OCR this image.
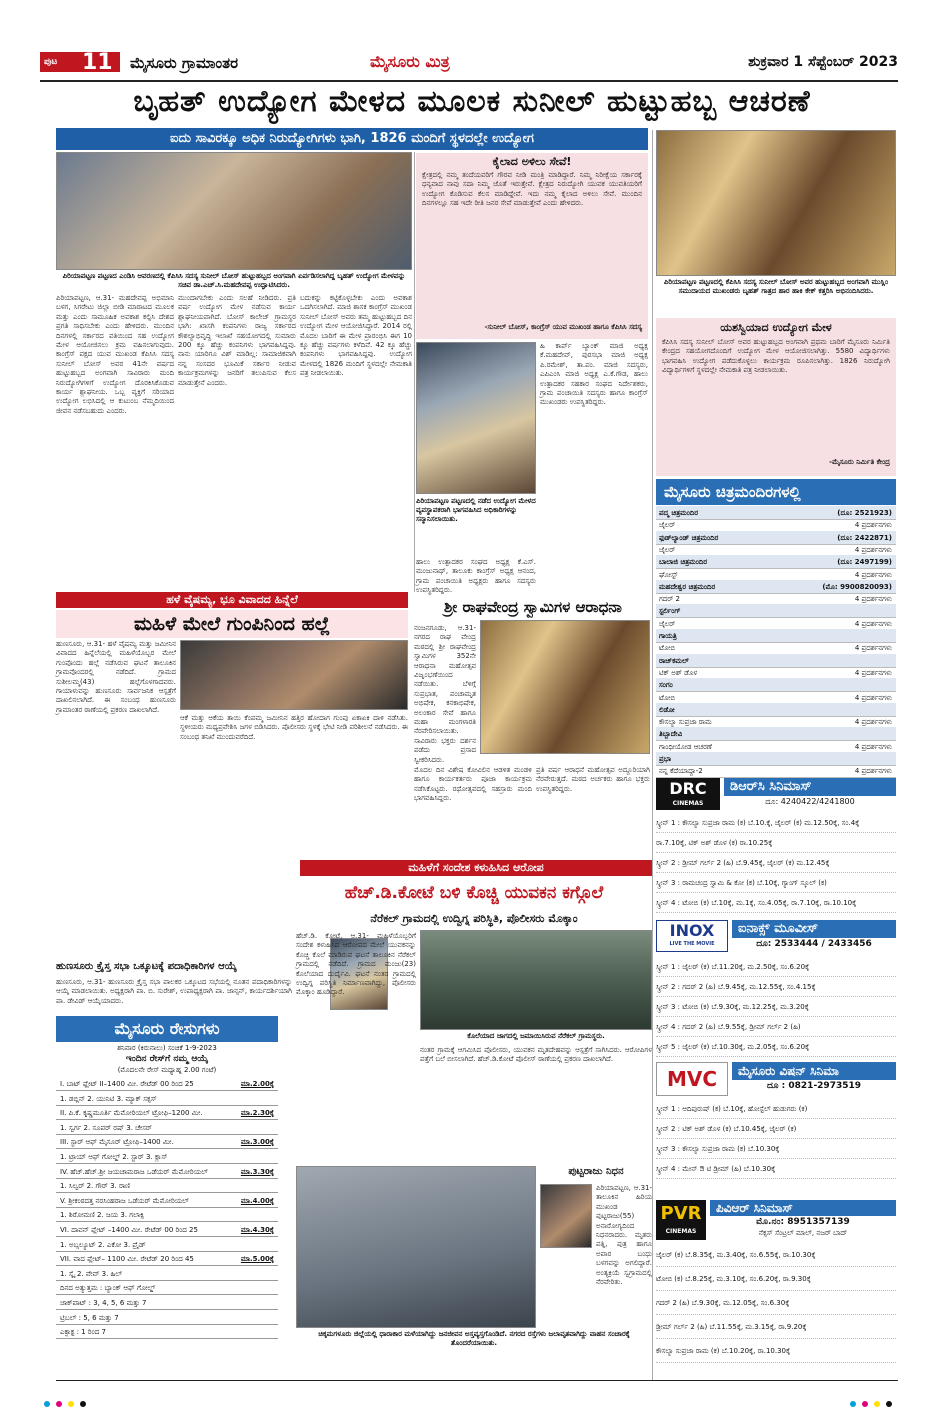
ಪುಟ 11 ಮೈಸೂರು ಗ್ರಾಮಾಂತರ	ಮೈಸೂರು ಮಿತ್ರ	ಶುಕ್ರವಾರ 1 ಸೆಪ್ಟೆಂಬರ್ 2023
ಬೃಹತ್ ಉದ್ಯೋಗ ಮೇಳದ ಮೂಲಕ ಸುನೀಲ್ ಹುಟ್ಟುಹಬ್ಬ ಆಚರಣೆ
ಐದು ಸಾವಿರಕ್ಕೂ ಅಧಿಕ ನಿರುದ್ಯೋಗಿಗಳು ಭಾಗಿ, 1826 ಮಂದಿಗೆ ಸ್ಥಳದಲ್ಲೇ ಉದ್ಯೋಗ
ಪಿರಿಯಾಪಟ್ಟಣ ಪಟ್ಟಣದ ಎಂಡಿಸಿ ಆವರಣದಲ್ಲಿ ಕೆಪಿಸಿಸಿ ಸದಸ್ಯ ಸುನೀಲ್ ಬೋಸ್ ಹುಟ್ಟುಹಬ್ಬದ ಅಂಗವಾಗಿ ಏರ್ಪಡಿಸಲಾಗಿದ್ದ ಬೃಹತ್ ಉದ್ಯೋಗ ಮೇಳವನ್ನು ಸಚಿವ ಡಾ.ಎಚ್.ಸಿ.ಮಹದೇವಪ್ಪ ಉದ್ಘಾಟಿಸಿದರು.
ಪಿರಿಯಾಪಟ್ಟಣ, ಆ.31- ಮಹದೇವಪ್ಪ ಅಭಿಮಾನಿ ಬಳಗ, ಸಿಗರೇಟು ಜಿಲ್ಲಾ ಬೀಡಿ ಮಾರಾಟದ ಮೂಲಕ ಮತ್ತು ಎಂದು ಸಾಮೂಹಿಕ ಅವಕಾಶ ಕಲ್ಪಿಸಿ ದೇಶದ ಪ್ರಗತಿ ಸಾಧಿಸಬೇಕು ಎಂದು ಹೇಳಿದರು. ಮುಂದಿನ ದಿನಗಳಲ್ಲಿ ಸರ್ಕಾರದ ವತಿಯಿಂದ ಸಹ ಉದ್ಯೋಗ ಮೇಳ ಆಯೋಜಿಸಲು ಕ್ರಮ ವಹಿಸಲಾಗುವುದು. ಕಾಂಗ್ರೆಸ್ ಪಕ್ಷದ ಯುವ ಮುಖಂಡ ಕೆಪಿಸಿಸಿ ಸದಸ್ಯ ಸುನೀಲ್ ಬೋಸ್ ಅವರ 41ನೇ ವರ್ಷದ ಹುಟ್ಟುಹಬ್ಬದ ಅಂಗವಾಗಿ ಸಾವಿರಾರು ಮಂದಿ ನಿರುದ್ಯೋಗಿಗಳಿಗೆ ಉದ್ಯೋಗ ದೊರಕಿಸಿಕೊಡುವ ಕಾರ್ಯ ಶ್ಲಾಘನೀಯ. ಒಬ್ಬ ವ್ಯಕ್ತಿಗೆ ಸರಿಯಾದ ಉದ್ಯೋಗ ಲಭಿಸಿದಲ್ಲಿ ಆ ಕುಟುಂಬ ನೆಮ್ಮದಿಯಿಂದ ಜೀವನ ನಡೆಸಬಹುದು ಎಂದರು.
ಮುಂದಾಗಬೇಕು ಎಂದು ಸಲಹೆ ನೀಡಿದರು. ಪ್ರತಿ ವರ್ಷ ಉದ್ಯೋಗ ಮೇಳ ನಡೆಸುವ ಕಾರ್ಯ ಶ್ಲಾಘನೀಯವಾಗಿದೆ. ಬೋಸ್ ಕಾಲೇಜ್ ಗ್ರಾಮಸ್ಥರ ಭಾಗಿ: ಖಾಸಗಿ ಕಂಪನಿಗಳು ರಾಜ್ಯ ಸರ್ಕಾರದ ಕೌಶಲ್ಯಾಭಿವೃದ್ಧಿ ಇಲಾಖೆ ಸಹಯೋಗದಲ್ಲಿ ಸುಮಾರು 200 ಕ್ಕೂ ಹೆಚ್ಚು ಕಂಪನಿಗಳು ಭಾಗವಹಿಸಿದ್ದವು. ನಾನು ಯಾರಿಗೂ ವಿಶ್ ಮಾಡಿಲ್ಲ: ಸಾಮಾಜಿಕವಾಗಿ ನನ್ನ ಸಂಸದರ ಭೂಮಿಕೆ ಸರ್ಕಾರ ನೀಡುವ ಕಾರ್ಯಕ್ರಮಗಳನ್ನು ಜನರಿಗೆ ತಲುಪಿಸುವ ಕೆಲಸ ಮಾಡುತ್ತೇನೆ ಎಂದರು.
ಬದುಕನ್ನು ಕಟ್ಟಿಕೊಳ್ಳಬೇಕು ಎಂದು ಅವಕಾಶ ಒದಗಿಸಲಾಗಿದೆ. ಮಾಜಿ ಶಾಸಕ ಕಾಂಗ್ರೆಸ್ ಮುಖಂಡ ಸುನೀಲ್ ಬೋಸ್ ಅವರು ತಮ್ಮ ಹುಟ್ಟುಹಬ್ಬದ ದಿನ ಉದ್ಯೋಗ ಮೇಳ ಆಯೋಜಿಸಿದ್ದಾರೆ. 2014 ರಲ್ಲಿ ಮೊದಲ ಬಾರಿಗೆ ಈ ಮೇಳ ಪ್ರಾರಂಭಿಸಿ ಈಗ 10 ಕ್ಕೂ ಹೆಚ್ಚು ವರ್ಷಗಳು ಕಳೆದಿವೆ. 42 ಕ್ಕೂ ಹೆಚ್ಚು ಕಂಪನಿಗಳು ಭಾಗವಹಿಸಿದ್ದವು. ಉದ್ಯೋಗ ಮೇಳದಲ್ಲಿ 1826 ಮಂದಿಗೆ ಸ್ಥಳದಲ್ಲೇ ನೇಮಕಾತಿ ಪತ್ರ ನೀಡಲಾಯಿತು.
ಕೈಲಾದ ಅಳಿಲು ಸೇವೆ!
ಕ್ಷೇತ್ರದಲ್ಲಿ ನಮ್ಮ ತಂದೆಯವರಿಗೆ ಗೌರವ ನೀಡಿ ಮಂತ್ರಿ ಮಾಡಿದ್ದಾರೆ. ನಿಮ್ಮ ನಿರೀಕ್ಷೆಯ ಸರ್ಕಾರಕ್ಕೆ ಧನ್ಯವಾದ ನಾವು ಸದಾ ನಿಮ್ಮ ಜೊತೆ ಇರುತ್ತೇವೆ. ಕ್ಷೇತ್ರದ ನಿರುದ್ಯೋಗಿ ಯುವಕ ಯುವತಿಯರಿಗೆ ಉದ್ಯೋಗ ಕೊಡಿಸುವ ಕೆಲಸ ಮಾಡಿದ್ದೇವೆ. ಇದು ನಮ್ಮ ಕೈಲಾದ ಅಳಿಲು ಸೇವೆ. ಮುಂದಿನ ದಿನಗಳಲ್ಲೂ ಸಹ ಇದೇ ರೀತಿ ಜನರ ಸೇವೆ ಮಾಡುತ್ತೇವೆ ಎಂದು ಹೇಳಿದರು.
-ಸುನೀಲ್ ಬೋಸ್, ಕಾಂಗ್ರೆಸ್ ಯುವ ಮುಖಂಡ ಹಾಗೂ ಕೆಪಿಸಿಸಿ ಸದಸ್ಯ
ಪಿರಿಯಾಪಟ್ಟಣ ಪಟ್ಟಣದಲ್ಲಿ ನಡೆದ ಉದ್ಯೋಗ ಮೇಳದ ವ್ಯವಸ್ಥಾಪಕರಾಗಿ ಭಾಗವಹಿಸಿದ ಅಧಿಕಾರಿಗಳನ್ನು ಸನ್ಮಾನಿಸಲಾಯಿತು.
ಹಿ ಕಾರ್ಪ್ ಬ್ಯಾಂಕ್ ಮಾಜಿ ಅಧ್ಯಕ್ಷ ಕೆ.ಮಹದೇವ್, ಪುರಸಭಾ ಮಾಜಿ ಅಧ್ಯಕ್ಷ ಪಿ.ರಮೇಶ್, ತಾ.ಪಂ. ಮಾಜಿ ಸದಸ್ಯರು, ಎಪಿಎಂಸಿ ಮಾಜಿ ಅಧ್ಯಕ್ಷ ಎ.ಕೆ.ಗೌಡ, ಹಾಲು ಉತ್ಪಾದಕರ ಸಹಕಾರ ಸಂಘದ ನಿರ್ದೇಶಕರು, ಗ್ರಾಮ ಪಂಚಾಯಿತಿ ಸದಸ್ಯರು ಹಾಗೂ ಕಾಂಗ್ರೆಸ್ ಮುಖಂಡರು ಉಪಸ್ಥಿತರಿದ್ದರು.
ಹಾಲು ಉತ್ಪಾದಕರ ಸಂಘದ ಅಧ್ಯಕ್ಷ ಕೆ.ಎಸ್. ಮಂಜುನಾಥ್, ತಾಲೂಕು ಕಾಂಗ್ರೆಸ್ ಅಧ್ಯಕ್ಷ ಆನಂದ, ಗ್ರಾಮ ಪಂಚಾಯಿತಿ ಅಧ್ಯಕ್ಷರು ಹಾಗೂ ಸದಸ್ಯರು ಉಪಸ್ಥಿತರಿದ್ದರು.
ಪಿರಿಯಾಪಟ್ಟಣ ಪಟ್ಟಣದಲ್ಲಿ ಕೆಪಿಸಿಸಿ ಸದಸ್ಯ ಸುನೀಲ್ ಬೋಸ್ ಅವರ ಹುಟ್ಟುಹಬ್ಬದ ಅಂಗವಾಗಿ ಮುಸ್ಲಿಂ ಸಮುದಾಯದ ಮುಖಂಡರು ಬೃಹತ್ ಗಾತ್ರದ ಹಾರ ಹಾಕಿ ಕೇಕ್ ಕತ್ತರಿಸಿ ಅಭಿನಂದಿಸಿದರು.
ಯಶಸ್ವಿಯಾದ ಉದ್ಯೋಗ ಮೇಳ
ಕೆಪಿಸಿಸಿ ಸದಸ್ಯ ಸುನೀಲ್ ಬೋಸ್ ಅವರ ಹುಟ್ಟುಹಬ್ಬದ ಅಂಗವಾಗಿ ಪ್ರಥಮ ಬಾರಿಗೆ ಮೈಸೂರು ನಿರ್ಮಿತಿ ಕೇಂದ್ರದ ಸಹಯೋಗದೊಂದಿಗೆ ಉದ್ಯೋಗ ಮೇಳ ಆಯೋಜಿಸಲಾಗಿತ್ತು. 5580 ವಿದ್ಯಾರ್ಥಿಗಳು ಭಾಗವಹಿಸಿ ಉದ್ಯೋಗ ಪಡೆದುಕೊಳ್ಳಲು ಕಾರ್ಯಕ್ರಮ ರೂಪಿಸಲಾಗಿತ್ತು. 1826 ನಿರುದ್ಯೋಗಿ ವಿದ್ಯಾರ್ಥಿಗಳಿಗೆ ಸ್ಥಳದಲ್ಲೇ ನೇಮಕಾತಿ ಪತ್ರ ನೀಡಲಾಯಿತು.
-ಮೈಸೂರು ನಿರ್ಮಿತಿ ಕೇಂದ್ರ
ಮೈಸೂರು ಚಿತ್ರಮಂದಿರಗಳಲ್ಲಿ
ಪದ್ಮ ಚಿತ್ರಮಂದಿರ	(ದೂ: 2521923)
ಜೈಲರ್	4 ಪ್ರದರ್ಶನಗಳು
ಫುಡ್‌ಲ್ಯಾಂಡ್ ಚಿತ್ರಮಂದಿರ	(ದೂ: 2422871)
ಜೈಲರ್	4 ಪ್ರದರ್ಶನಗಳು
ಬಾಲಾಜಿ ಚಿತ್ರಮಂದಿರ	(ದೂ: 2497199)
ಘೋಸ್ಟ್	4 ಪ್ರದರ್ಶನಗಳು
ಮಹದೇಶ್ವರ ಚಿತ್ರಮಂದಿರ	(ಮೊ: 9900820093)
ಗದರ್ 2	4 ಪ್ರದರ್ಶನಗಳು
ಸ್ಟರ್ಲಿಂಗ್
ಜೈಲರ್	4 ಪ್ರದರ್ಶನಗಳು
ಗಾಯತ್ರಿ
ಟೋಬಿ	4 ಪ್ರದರ್ಶನಗಳು
ರಾಜ್‌ಕಮಲ್
ಟಿಕ್ ಅಶ್ ಡೊಳ	4 ಪ್ರದರ್ಶನಗಳು
ಸಂಗಂ
ಟೋಬಿ	4 ಪ್ರದರ್ಶನಗಳು
ಲಿಡೋ
ಕೌಸಲ್ಯಾ ಸುಪ್ರಜಾ ರಾಮ	4 ಪ್ರದರ್ಶನಗಳು
ತಿಬ್ಬಾದೇವಿ
ಗಾಂಧೀಯೋಡ ಆಚರಣೆ	4 ಪ್ರದರ್ಶನಗಳು
ಪ್ರಭಾ
ನನ್ನ ಕೆದೆಯಾದ್ದಾ-2	4 ಪ್ರದರ್ಶನಗಳು
DRC
CINEMAS
ಡಿಆರ್‌ಸಿ ಸಿನಿಮಾಸ್
ದೂ: 4240422/4241800
ಸ್ಕ್ರೀನ್ 1 : ಕೌಸಲ್ಯಾ ಸುಪ್ರಜಾ ರಾಮ (ಕ) ಬೆ.10.ಕ್ಕೆ, ಜೈಲರ್ (ಕ) ಮ.12.50ಕ್ಕೆ, ಸಂ.4ಕ್ಕೆ
ರಾ.7.10ಕ್ಕೆ, ಟಿಕ್ ಅಶ್ ಡೊಳ (ಕ) ರಾ.10.25ಕ್ಕೆ
ಸ್ಕ್ರೀನ್ 2 : ಡ್ರೀಮ್ ಗರ್ಲ್ 2 (ಹಿ) ಬೆ.9.45ಕ್ಕೆ, ಜೈಲರ್ (ಕ) ಮ.12.45ಕ್ಕೆ
ಸ್ಕ್ರೀನ್ 3 : ರಾಮಚಂದ್ರ ಸ್ವಾಮಿ & ಕೋ (ಕ) ಬೆ.10ಕ್ಕೆ, ಗ್ಯಾಂಗ್ ಸ್ಕೂಲ್ (ಕ)
ಸ್ಕ್ರೀನ್ 4 : ಟೋಬಿ (ಕ) ಬೆ.10ಕ್ಕೆ, ಮ.1ಕ್ಕೆ, ಸಂ.4.05ಕ್ಕೆ, ರಾ.7.10ಕ್ಕೆ, ರಾ.10.10ಕ್ಕೆ
INOX
LIVE THE MOVIE
ಐನಾಕ್ಸ್ ಮೂವೀಸ್
ದೂ: 2533444 / 2433456
ಸ್ಕ್ರೀನ್ 1 : ಜೈಲರ್ (ಕ) ಬೆ.11.20ಕ್ಕೆ, ಮ.2.50ಕ್ಕೆ, ಸಂ.6.20ಕ್ಕೆ
ಸ್ಕ್ರೀನ್ 2 : ಗದರ್ 2 (ಹಿ) ಬೆ.9.45ಕ್ಕೆ, ಮ.12.55ಕ್ಕೆ, ಸಂ.4.15ಕ್ಕೆ
ಸ್ಕ್ರೀನ್ 3 : ಟೋಬಿ (ಕ) ಬೆ.9.30ಕ್ಕೆ, ಮ.12.25ಕ್ಕೆ, ಮ.3.20ಕ್ಕೆ
ಸ್ಕ್ರೀನ್ 4 : ಗದರ್ 2 (ಹಿ) ಬೆ.9.55ಕ್ಕೆ, ಡ್ರೀಮ್ ಗರ್ಲ್ 2 (ಹಿ)
ಸ್ಕ್ರೀನ್ 5 : ಜೈಲರ್ (ಕ) ಬೆ.10.30ಕ್ಕೆ, ಮ.2.05ಕ್ಕೆ, ಸಂ.6.20ಕ್ಕೆ
MVC	ಮೈಸೂರು ವಿಷನ್ ಸಿನಿಮಾ
ದೂ : 0821-2973519
ಸ್ಕ್ರೀನ್ 1 : ಆದಿಪುರುಷ್ (ಕ) ಬೆ.10ಕ್ಕೆ, ಹೋಸ್ಟೆಲ್ ಹುಡುಗರು (ಕ)
ಸ್ಕ್ರೀನ್ 2 : ಟಿಕ್ ಅಶ್ ಡೊಳ (ಕ) ಬೆ.10.45ಕ್ಕೆ, ಜೈಲರ್ (ಕ)
ಸ್ಕ್ರೀನ್ 3 : ಕೌಸಲ್ಯಾ ಸುಪ್ರಜಾ ರಾಮ (ಕ) ಬೆ.10.30ಕ್ಕೆ
ಸ್ಕ್ರೀನ್ 4 : ಮೇನ್ ಔ ಟಿ ಡ್ರೀಮ್ (ಹಿ) ಬೆ.10.30ಕ್ಕೆ
PVR
CINEMAS
ಪಿವಿಆರ್ ಸಿನಿಮಾಸ್
ಮೊ.ನಂ: 8951357139
ನೆಕ್ಸಸ್ ಸೆಂಟ್ರಲ್ ಮಾಲ್, ನಜರ್ ಬಾದ್
ಜೈಲರ್ (ಕ) ಬೆ.8.35ಕ್ಕೆ, ಮ.3.40ಕ್ಕೆ, ಸಂ.6.55ಕ್ಕೆ, ರಾ.10.30ಕ್ಕೆ
ಟೋಬಿ (ಕ) ಬೆ.8.25ಕ್ಕೆ, ಮ.3.10ಕ್ಕೆ, ಸಂ.6.20ಕ್ಕೆ, ರಾ.9.30ಕ್ಕೆ
ಗದರ್ 2 (ಹಿ) ಬೆ.9.30ಕ್ಕೆ, ಮ.12.05ಕ್ಕೆ, ಸಂ.6.30ಕ್ಕೆ
ಡ್ರೀಮ್ ಗರ್ಲ್ 2 (ಹಿ) ಬೆ.11.55ಕ್ಕೆ, ಮ.3.15ಕ್ಕೆ, ರಾ.9.20ಕ್ಕೆ
ಕೌಸಲ್ಯಾ ಸುಪ್ರಜಾ ರಾಮ (ಕ) ಬೆ.10.20ಕ್ಕೆ, ರಾ.10.30ಕ್ಕೆ
ಹಳೆ ವೈಷಮ್ಯ, ಭೂ ವಿವಾದದ ಹಿನ್ನೆಲೆ
ಮಹಿಳೆ ಮೇಲೆ ಗುಂಪಿನಿಂದ ಹಲ್ಲೆ
ಹುಣಸೂರು, ಆ.31- ಹಳೆ ವೈಷಮ್ಯ ಮತ್ತು ಜಮೀನಿನ ವಿವಾದದ ಹಿನ್ನೆಲೆಯಲ್ಲಿ ಮಹಿಳೆಯೊಬ್ಬರ ಮೇಲೆ ಗುಂಪೊಂದು ಹಲ್ಲೆ ನಡೆಸಿರುವ ಘಟನೆ ತಾಲೂಕಿನ ಗ್ರಾಮವೊಂದರಲ್ಲಿ ನಡೆದಿದೆ. ಗ್ರಾಮದ ಸುಶೀಲಮ್ಮ(43) ಹಲ್ಲೆಗೊಳಗಾದವರು. ಗಾಯಾಳುವನ್ನು ಹುಣಸೂರು ಸಾರ್ವಜನಿಕ ಆಸ್ಪತ್ರೆಗೆ ದಾಖಲಿಸಲಾಗಿದೆ. ಈ ಸಂಬಂಧ ಹುಣಸೂರು ಗ್ರಾಮಾಂತರ ಠಾಣೆಯಲ್ಲಿ ಪ್ರಕರಣ ದಾಖಲಾಗಿದೆ.
ಆಕೆ ಮತ್ತು ಆಕೆಯ ತಾಯಿ ಕೆಂಪಮ್ಮ ಜಮೀನಿನ ಹತ್ತಿರ ಹೋದಾಗ ಗುಂಪು ಏಕಾಏಕಿ ದಾಳಿ ನಡೆಸಿತು. ಸ್ಥಳೀಯರು ಮಧ್ಯಪ್ರವೇಶಿಸಿ ಜಗಳ ಬಿಡಿಸಿದರು. ಪೊಲೀಸರು ಸ್ಥಳಕ್ಕೆ ಭೇಟಿ ನೀಡಿ ಪರಿಶೀಲನೆ ನಡೆಸಿದರು. ಈ ಸಂಬಂಧ ತನಿಖೆ ಮುಂದುವರೆದಿದೆ.
ಶ್ರೀ ರಾಘವೇಂದ್ರ ಸ್ವಾಮಿಗಳ ಆರಾಧನಾ
ನಂಜನಗೂಡು, ಆ.31- ನಗರದ ರಾಘ ವೇಂದ್ರ ಮಠದಲ್ಲಿ ಶ್ರೀ ರಾಘವೇಂದ್ರ ಸ್ವಾಮಿಗಳ 352ನೇ ಆರಾಧನಾ ಮಹೋತ್ಸವ ವಿಜೃಂಭಣೆಯಿಂದ ನಡೆಯಿತು. ಬೆಳಿಗ್ಗೆ ಸುಪ್ರಭಾತ, ಪಂಚಾಮೃತ ಅಭಿಷೇಕ, ಕನಕಾಭಿಷೇಕ, ಅಲಂಕಾರ ಸೇವೆ ಹಾಗೂ ಮಹಾ ಮಂಗಳಾರತಿ ನೆರವೇರಿಸಲಾಯಿತು. ಸಾವಿರಾರು ಭಕ್ತರು ದರ್ಶನ ಪಡೆದು ಪ್ರಸಾದ ಸ್ವೀಕರಿಸಿದರು.
ಮೊದಲ ದಿನ ವಿಶೇಷ ಕೋವಿಲಿನ ಆಡಳಿತ ಮಂಡಳಿ ಹಾಗೂ ಕಾರ್ಯಕರ್ತರು ಪೂಜಾ ಕಾರ್ಯಕ್ರಮ ನಡೆಸಿಕೊಟ್ಟರು. ರಥೋತ್ಸವದಲ್ಲಿ ಸಹಸ್ರಾರು ಮಂದಿ ಭಾಗವಹಿಸಿದ್ದರು.
ಪ್ರತಿ ವರ್ಷ ಆರಾಧನೆ ಮಹೋತ್ಸವ ಅದ್ದೂರಿಯಾಗಿ ನೆರವೇರುತ್ತದೆ. ಮಠದ ಅರ್ಚಕರು ಹಾಗೂ ಭಕ್ತರು ಉಪಸ್ಥಿತರಿದ್ದರು.
ಮಹಿಳೆಗೆ ಸಂದೇಶ ಕಳುಹಿಸಿದ ಆರೋಪ
ಹೆಚ್.ಡಿ.ಕೋಟೆ ಬಳಿ ಕೊಚ್ಚಿ ಯುವಕನ ಕಗ್ಗೊಲೆ
ನೆರೆಕಲ್ ಗ್ರಾಮದಲ್ಲಿ ಉದ್ವಿಗ್ನ ಪರಿಸ್ಥಿತಿ, ಪೊಲೀಸರು ಮೊಕ್ಕಾಂ
ಹೆಚ್.ಡಿ. ಕೋಟೆ, ಆ.31- ಮಹಿಳೆಯೊಬ್ಬರಿಗೆ ಸಂದೇಶ ಕಳುಹಿಸಿದ ಆರೋಪದ ಮೇಲೆ ಯುವಕನನ್ನು ಕೊಚ್ಚಿ ಕೊಲೆ ಮಾಡಿರುವ ಘಟನೆ ತಾಲೂಕಿನ ನೆರೆಕಲ್ ಗ್ರಾಮದಲ್ಲಿ ನಡೆದಿದೆ. ಗ್ರಾಮದ ಮಂಜು(23) ಕೊಲೆಯಾದ ದುರ್ದೈವಿ. ಘಟನೆ ನಂತರ ಗ್ರಾಮದಲ್ಲಿ ಉದ್ವಿಗ್ನ ಪರಿಸ್ಥಿತಿ ನಿರ್ಮಾಣವಾಗಿದ್ದು, ಪೊಲೀಸರು ಮೊಕ್ಕಾಂ ಹೂಡಿದ್ದಾರೆ.
ಕೊಲೆಯಾದ ಜಾಗದಲ್ಲಿ ಜಮಾಯಿಸಿರುವ ನೆರೆಕಲ್ ಗ್ರಾಮಸ್ಥರು.
ನಂತರ ಗ್ರಾಮಕ್ಕೆ ಆಗಮಿಸಿದ ಪೊಲೀಸರು, ಯುವಕನ ಮೃತದೇಹವನ್ನು ಆಸ್ಪತ್ರೆಗೆ ಸಾಗಿಸಿದರು. ಆರೋಪಿಗಳ ಪತ್ತೆಗೆ ಬಲೆ ಬೀಸಲಾಗಿದೆ. ಹೆಚ್.ಡಿ.ಕೋಟೆ ಪೊಲೀಸ್ ಠಾಣೆಯಲ್ಲಿ ಪ್ರಕರಣ ದಾಖಲಾಗಿದೆ.
ಹುಣಸೂರು ಕ್ರೈಸ್ತ ಸಭಾ ಒಕ್ಕೂಟಕ್ಕೆ ಪದಾಧಿಕಾರಿಗಳ ಆಯ್ಕೆ
ಹುಣಸೂರು, ಆ.31- ಹುಣಸೂರು ಕ್ರೈಸ್ತ ಸಭಾ ಪಾಲಕರ ಒಕ್ಕೂಟದ ಸಭೆಯಲ್ಲಿ ನೂತನ ಪದಾಧಿಕಾರಿಗಳನ್ನು ಆಯ್ಕೆ ಮಾಡಲಾಯಿತು. ಅಧ್ಯಕ್ಷರಾಗಿ ಪಾ. ಬಿ. ಸುರೇಶ್, ಉಪಾಧ್ಯಕ್ಷರಾಗಿ ಪಾ. ಜಾನ್ಸನ್, ಕಾರ್ಯದರ್ಶಿಯಾಗಿ ಪಾ. ಡೇವಿಡ್ ಆಯ್ಕೆಯಾದರು.
ಮೈಸೂರು ರೇಸುಗಳು
ಶನಿವಾರ (ಕಿರುನಾಲು) ಸಂಚಿಕೆ 1-9-2023
ಇಂದಿನ ರೇಸ್‌ಗೆ ನಮ್ಮ ಆಯ್ಕೆ
(ಮೊದಲನೇ ರೇಸ್ ಮಧ್ಯಾಹ್ನ 2.00 ಗಂಟೆ)
I. ಬಾಟ್ ಫ್ಲೇಟ್ II–1400 ಮೀ. ರೇಟೆಡ್ 00 ರಿಂದ 25	ಮಾ.2.00ಕ್ಕೆ
1. ಡಬ್ಲಿನ್ 2. ಯುನಿಟಿ 3. ಮ್ಯಾಕ್ ಸಕ್ಸಸ್
II. ಪಿ.ಕೆ. ಕೃಷ್ಣಮೂರ್ತಿ ಮೆಮೋರಿಯಲ್ ಟ್ರೋಫಿ–1200 ಮೀ.	ಮಾ.2.30ಕ್ಕೆ
1. ಸ್ವರ್ಗ 2. ಸೂಪರ್ ರಷ್ 3. ಚೇಸರ್
III. ಸ್ಟಾರ್ ಆಫ್ ಮೈಸೂರ್ ಟ್ರೋಫಿ–1400 ಮೀ.	ಮಾ.3.00ಕ್ಕೆ
1. ಟ್ರಾಯ್ ಆಫ್ ಗೋಲ್ಡ್ 2. ಸ್ಟಾರ್ 3. ಕ್ಲಾಸ್
IV. ಹೆಚ್.ಹೆಚ್.ಶ್ರೀ ಜಯಚಾಮರಾಜ ಒಡೆಯರ್ ಮೆಮೋರಿಯಲ್	ಮಾ.3.30ಕ್ಕೆ
1. ಸಿಲ್ವರ್ 2. ಗೌರ್ 3. ರಾಣಿ
V. ಶ್ರೀಕಂಠದತ್ತ ನರಸಿಂಹರಾಜ ಒಡೆಯರ್ ಮೆಮೋರಿಯಲ್	ಮಾ.4.00ಕ್ಕೆ
1. ಶಿರೋಮಣಿ 2. ಜಯ 3. ಗಲಾಕ್ಸಿ
VI. ದಾವನ್ ಪ್ಲೇಟ್ –1400 ಮೀ. ರೇಟೆಡ್ 00 ರಿಂದ 25	ಮಾ.4.30ಕ್ಕೆ
1. ಅಬ್ಸಲ್ಯೂಟ್ 2. ಎಕೋ 3. ಪ್ರೈಡ್
VII. ವಾದ ಪ್ಲೇಟ್– 1100 ಮೀ. ರೇಟೆಡ್ 20 ರಿಂದ 45	ಮಾ.5.00ಕ್ಕೆ
1. ಸ್ಕೈ 2. ವೇವ್ 3. ಹಿಲ್
ದಿನದ ಅತ್ಯುತ್ತಮ : ಬ್ಯಾಂಕ್ ಆಫ್ ಗೋಲ್ಡ್
ಜಾಕ್‌ಪಾಟ್ : 3, 4, 5, 6 ಮತ್ತು 7
ಟ್ರಿಬಲ್ : 5, 6 ಮತ್ತು 7
ಎಕ್ಸಾಕ್ಟ : 1 ರಿಂದ 7	ಚಿಕ್ಕಮಗಳೂರು ಜಿಲ್ಲೆಯಲ್ಲಿ ಧಾರಾಕಾರ ಮಳೆಯಾಗಿದ್ದು ಜನಜೀವನ ಅಸ್ತವ್ಯಸ್ತಗೊಂಡಿದೆ. ನಗರದ ರಸ್ತೆಗಳು ಜಲಾವೃತವಾಗಿದ್ದು ವಾಹನ ಸಂಚಾರಕ್ಕೆ ತೊಂದರೆಯಾಯಿತು.
ಪುಟ್ಟರಾಜು ನಿಧನ
ಪಿರಿಯಾಪಟ್ಟಣ, ಆ.31- ತಾಲೂಕಿನ ಹಿರಿಯ ಮುಖಂಡ ಪುಟ್ಟರಾಜು(55) ಅನಾರೋಗ್ಯದಿಂದ ನಿಧನರಾದರು. ಮೃತರು ಪತ್ನಿ, ಪುತ್ರ ಹಾಗೂ ಅಪಾರ ಬಂಧು ಬಳಗವನ್ನು ಅಗಲಿದ್ದಾರೆ. ಅಂತ್ಯಕ್ರಿಯೆ ಸ್ವಗ್ರಾಮದಲ್ಲಿ ನೆರವೇರಿತು.
